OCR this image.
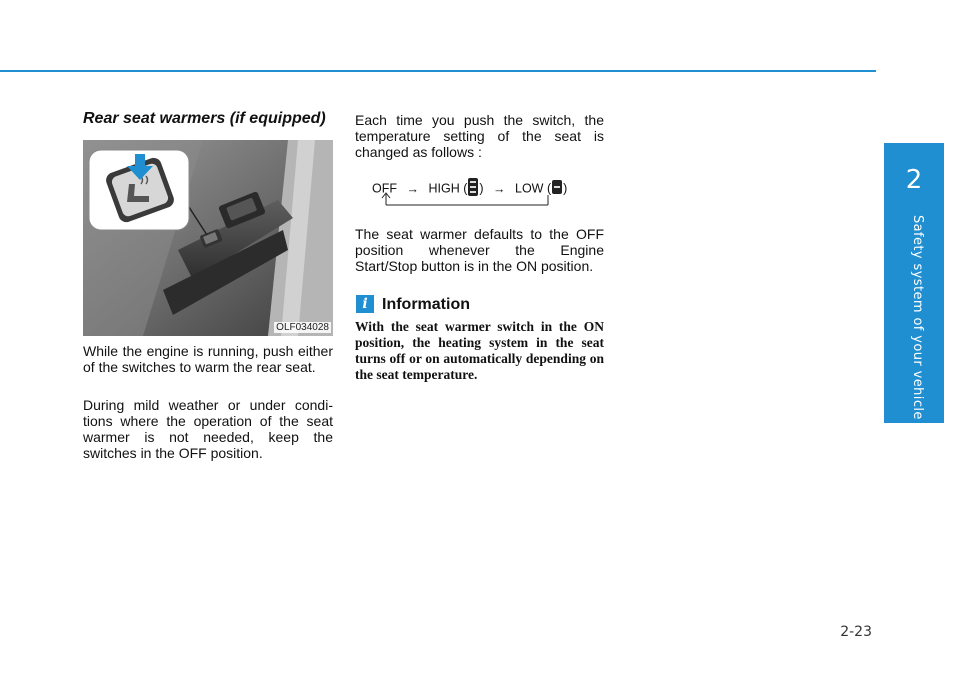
2
Safety system of your vehicle
Rear seat warmers (if equipped)
OLF034028
While the engine is running, push either of the switches to warm the rear seat.
During mild weather or under condi-tions where the operation of the seat warmer is not needed, keep the switches in the OFF position.
Each time you push the switch, the temperature setting of the seat is changed as follows :
OFF → HIGH ( ) → LOW ( )
The seat warmer defaults to the OFF position whenever the Engine Start/Stop button is in the ON position.
i Information
With the seat warmer switch in the ON position, the heating system in the seat turns off or on automatically depending on the seat temperature.
2-23
